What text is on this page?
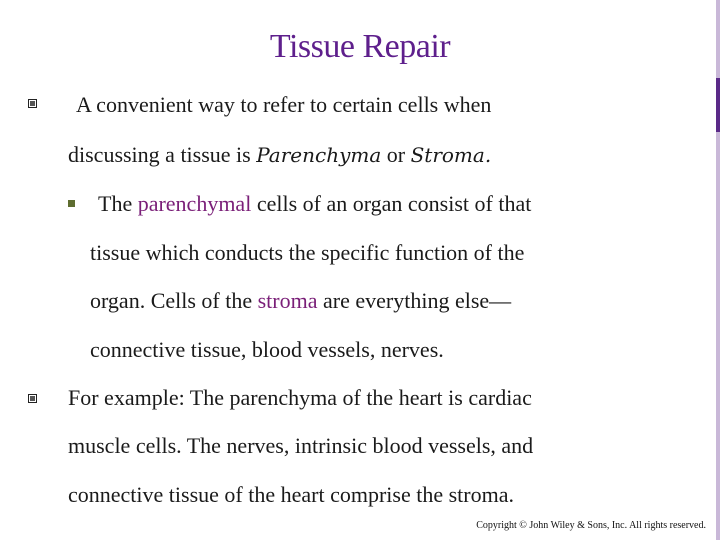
Tissue Repair
A convenient way to refer to certain cells when
discussing a tissue is Parenchyma or Stroma.
The parenchymal cells of an organ consist of that
tissue which conducts the specific function of the
organ. Cells of the stroma are everything else—
connective tissue, blood vessels, nerves.
For example: The parenchyma of the heart is cardiac
muscle cells. The nerves, intrinsic blood vessels, and
connective tissue of the heart comprise the stroma.
Copyright © John Wiley & Sons, Inc. All rights reserved.
